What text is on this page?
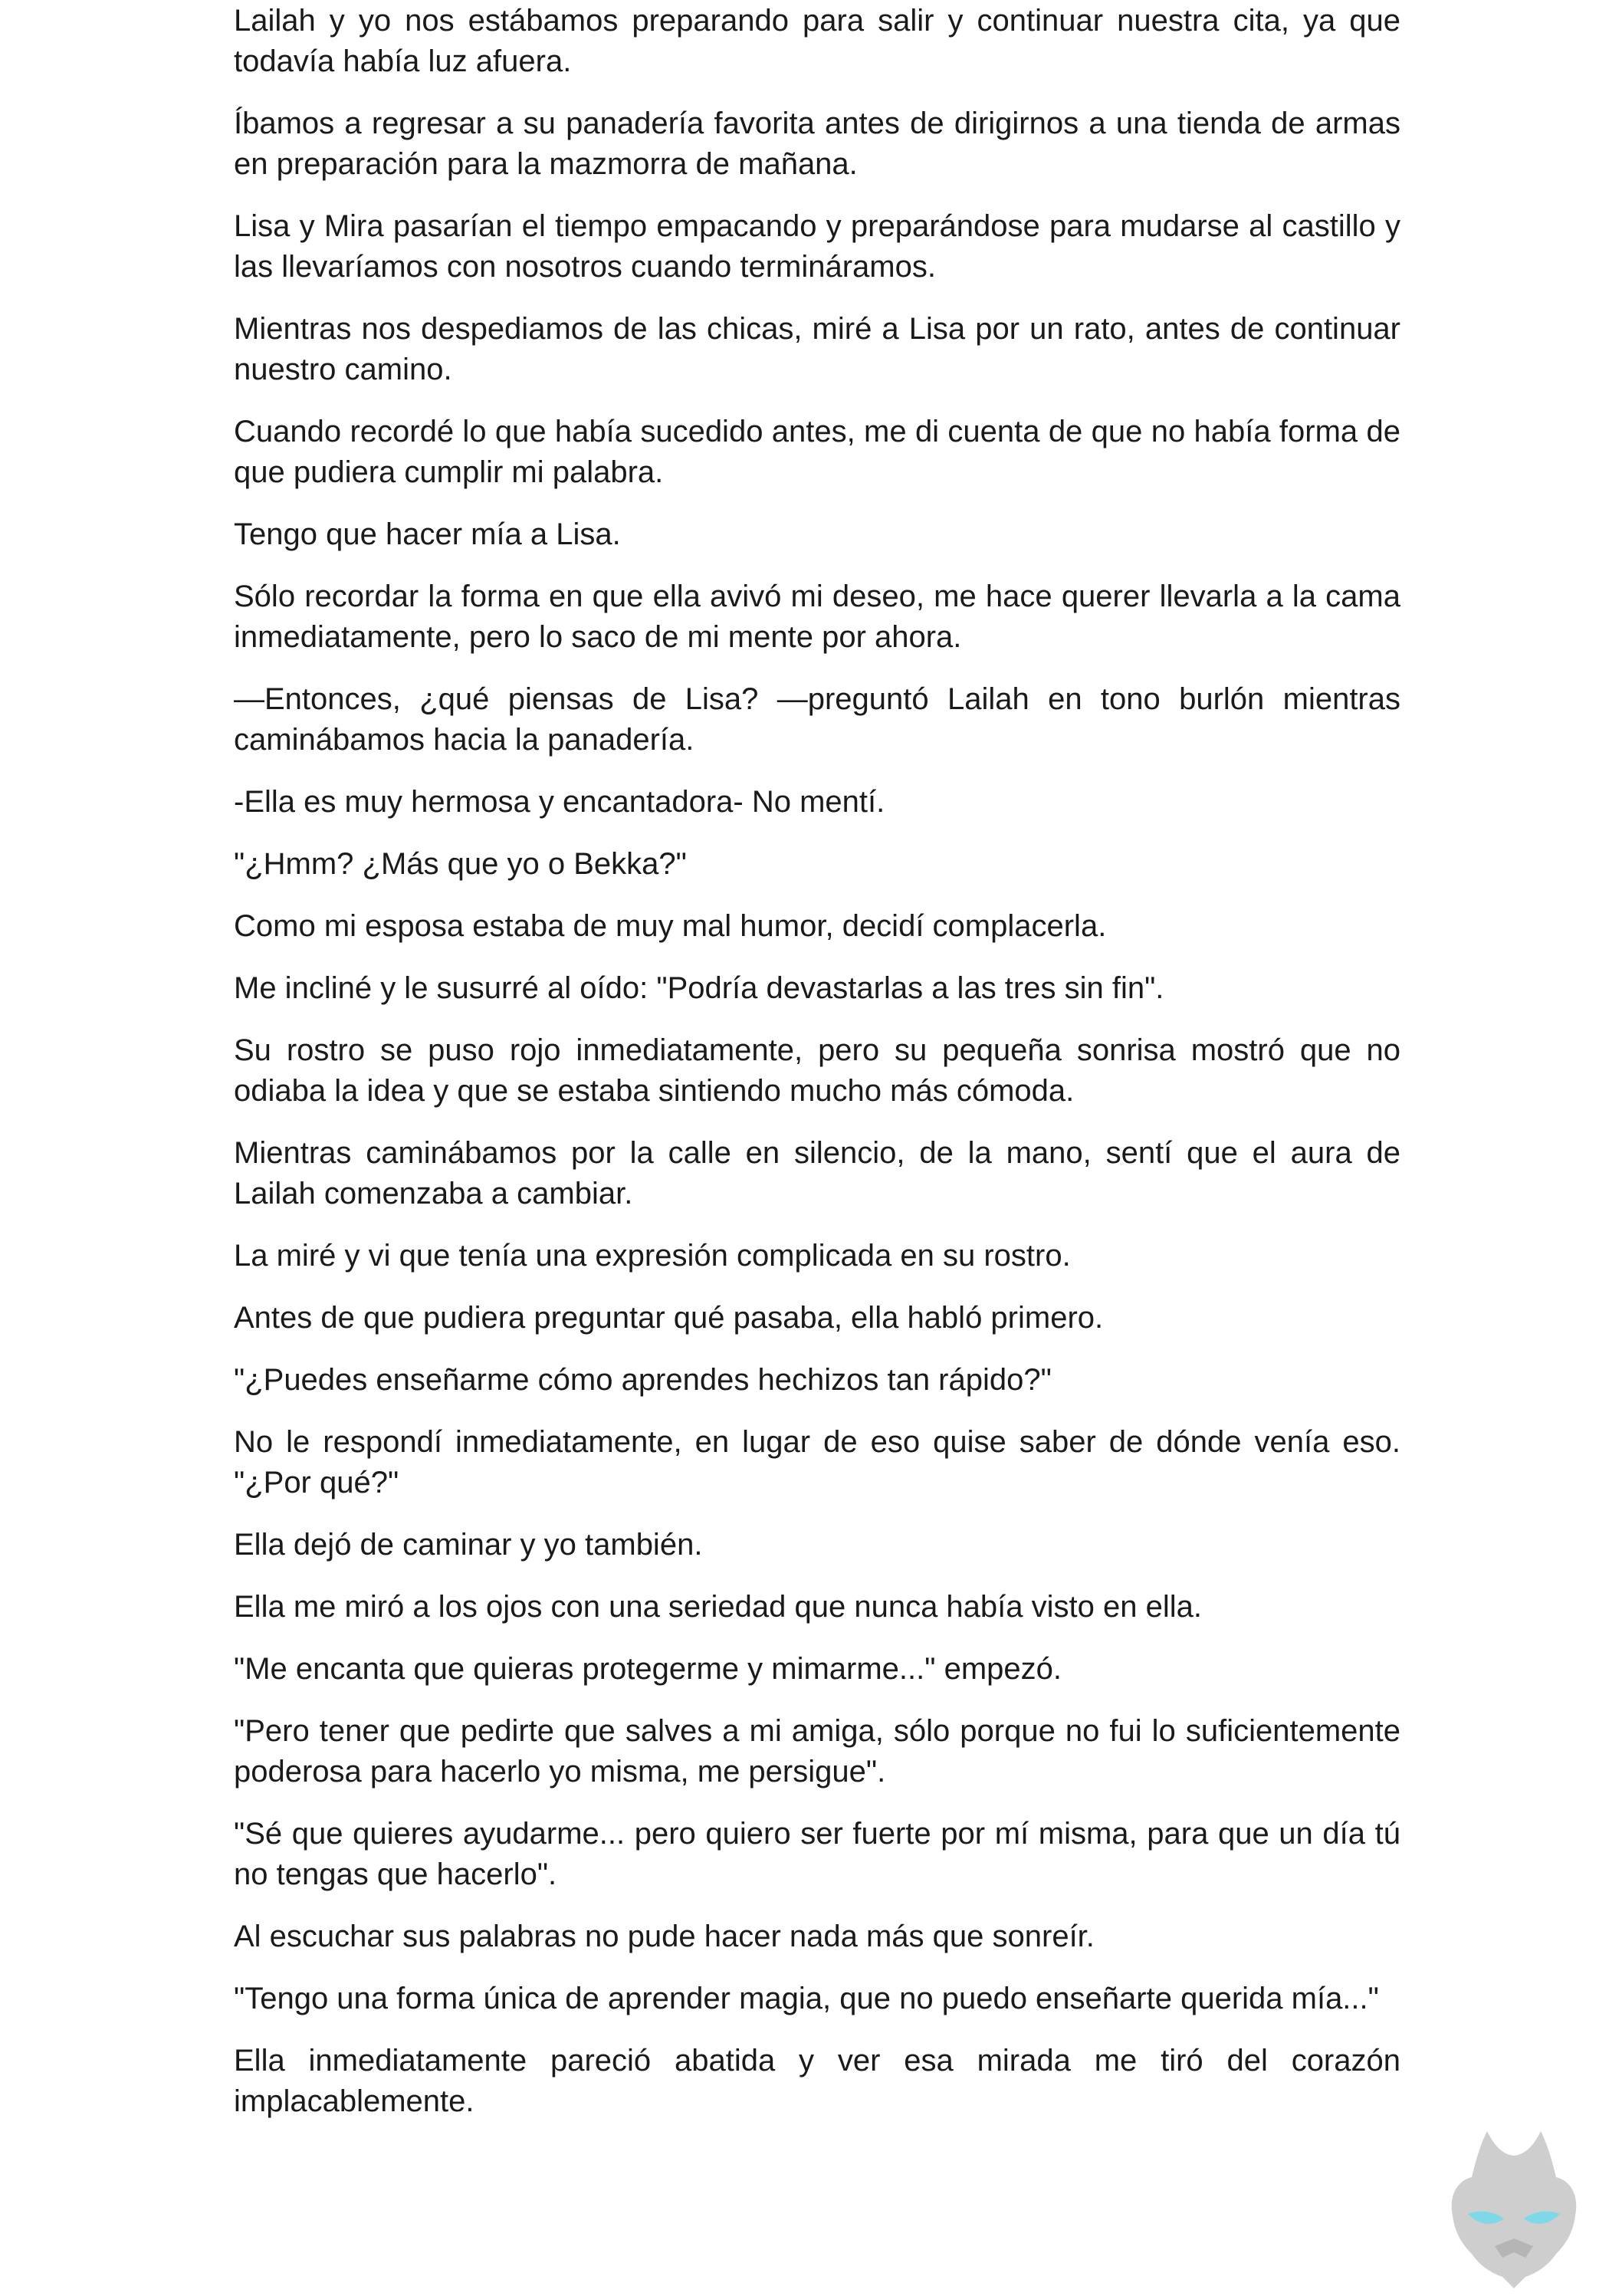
Lailah y yo nos estábamos preparando para salir y continuar nuestra cita, ya que todavía había luz afuera.

Íbamos a regresar a su panadería favorita antes de dirigirnos a una tienda de armas en preparación para la mazmorra de mañana.

Lisa y Mira pasarían el tiempo empacando y preparándose para mudarse al castillo y las llevaríamos con nosotros cuando termináramos.

Mientras nos despediamos de las chicas, miré a Lisa por un rato, antes de continuar nuestro camino.

Cuando recordé lo que había sucedido antes, me di cuenta de que no había forma de que pudiera cumplir mi palabra.

Tengo que hacer mía a Lisa.

Sólo recordar la forma en que ella avivó mi deseo, me hace querer llevarla a la cama inmediatamente, pero lo saco de mi mente por ahora.

—Entonces, ¿qué piensas de Lisa? —preguntó Lailah en tono burlón mientras caminábamos hacia la panadería.

-Ella es muy hermosa y encantadora- No mentí.

"¿Hmm? ¿Más que yo o Bekka?"

Como mi esposa estaba de muy mal humor, decidí complacerla.

Me incliné y le susurré al oído: "Podría devastarlas a las tres sin fin".

Su rostro se puso rojo inmediatamente, pero su pequeña sonrisa mostró que no odiaba la idea y que se estaba sintiendo mucho más cómoda.

Mientras caminábamos por la calle en silencio, de la mano, sentí que el aura de Lailah comenzaba a cambiar.

La miré y vi que tenía una expresión complicada en su rostro.

Antes de que pudiera preguntar qué pasaba, ella habló primero.

"¿Puedes enseñarme cómo aprendes hechizos tan rápido?"

No le respondí inmediatamente, en lugar de eso quise saber de dónde venía eso. "¿Por qué?"

Ella dejó de caminar y yo también.

Ella me miró a los ojos con una seriedad que nunca había visto en ella.

"Me encanta que quieras protegerme y mimarme..." empezó.

"Pero tener que pedirte que salves a mi amiga, sólo porque no fui lo suficientemente poderosa para hacerlo yo misma, me persigue".

"Sé que quieres ayudarme... pero quiero ser fuerte por mí misma, para que un día tú no tengas que hacerlo".

Al escuchar sus palabras no pude hacer nada más que sonreír.

"Tengo una forma única de aprender magia, que no puedo enseñarte querida mía..."

Ella inmediatamente pareció abatida y ver esa mirada me tiró del corazón implacablemente.
